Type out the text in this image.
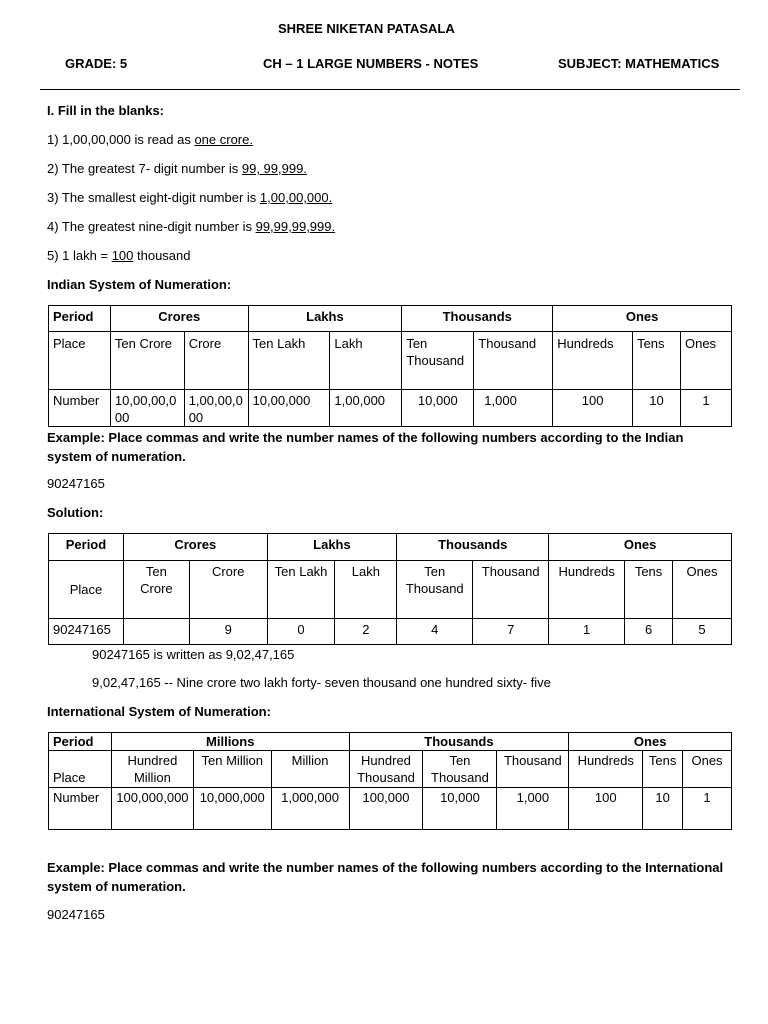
SHREE NIKETAN PATASALA
GRADE: 5	CH – 1 LARGE NUMBERS - NOTES	SUBJECT: MATHEMATICS
I. Fill in the blanks:
1) 1,00,00,000 is read as one crore.
2) The greatest 7- digit number is 99, 99,999.
3) The smallest eight-digit number is 1,00,00,000.
4) The greatest nine-digit number is 99,99,99,999.
5) 1 lakh = 100 thousand
Indian System of Numeration:
Period	Crores		Lakhs		Thousands		Ones		
Place	Ten Crore	Crore	Ten Lakh	Lakh	Ten Thousand	Thousand	Hundreds	Tens	Ones
Number	10,00,00,000	1,00,00,000	10,00,000	1,00,000	10,000	1,000	100	10	1
Example: Place commas and write the number names of the following numbers according to the Indian system of numeration.
90247165
Solution:
Period	Crores		Lakhs		Thousands		Ones		
Place	Ten Crore	Crore	Ten Lakh	Lakh	Ten Thousand	Thousand	Hundreds	Tens	Ones
90247165		9	0	2	4	7	1	6	5
90247165 is written as 9,02,47,165
9,02,47,165 -- Nine crore two lakh forty- seven thousand one hundred sixty- five
International System of Numeration:
Period	Millions			Thousands			Ones		
Place	Hundred Million	Ten Million	Million	Hundred Thousand	Ten Thousand	Thousand	Hundreds	Tens	Ones
Number	100,000,000	10,000,000	1,000,000	100,000	10,000	1,000	100	10	1
Example: Place commas and write the number names of the following numbers according to the International system of numeration.
90247165
